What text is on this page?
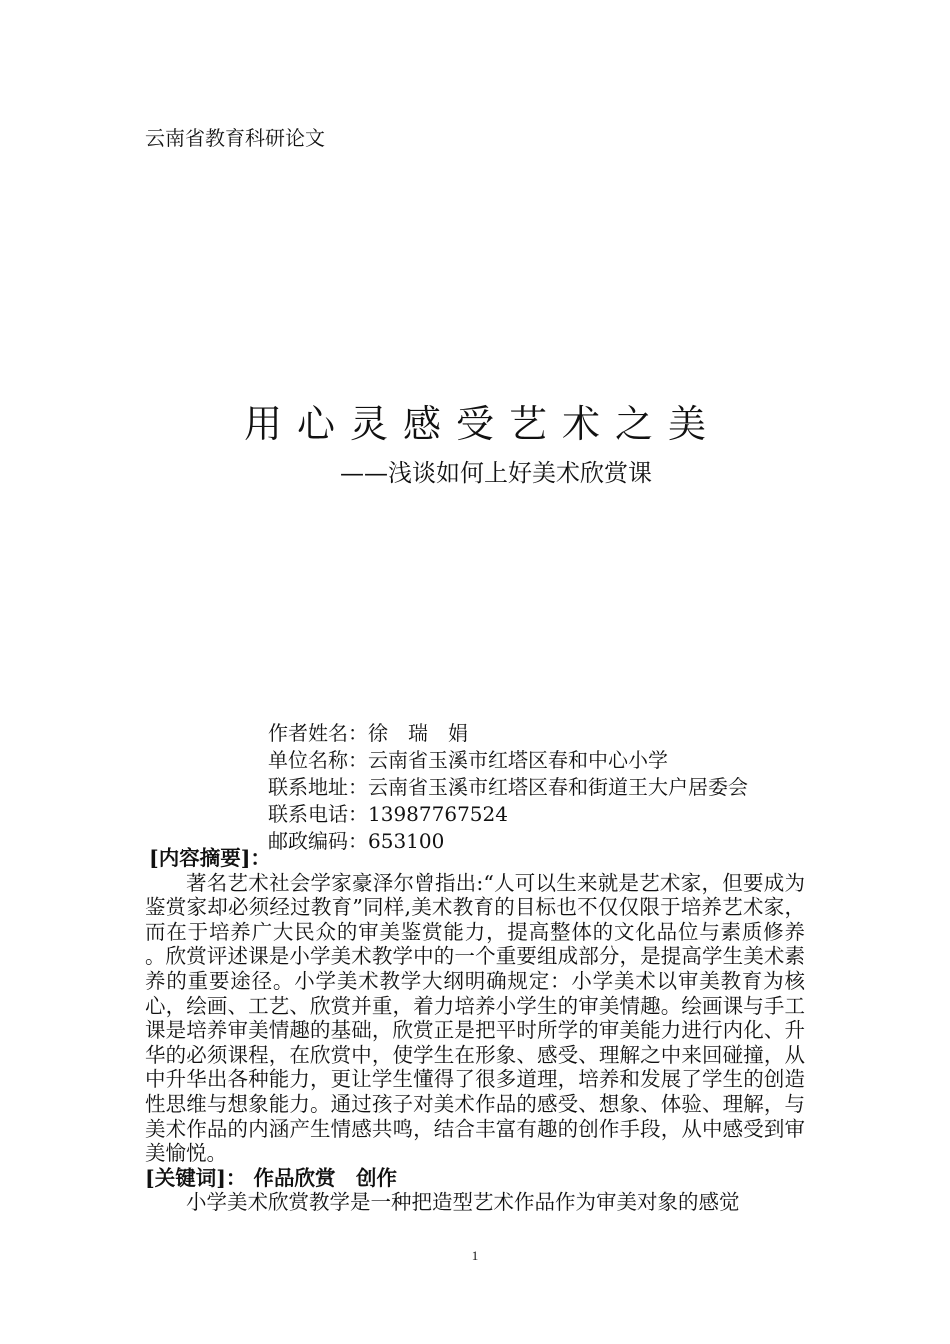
云南省教育科研论文
用心灵感受艺术之美
——浅谈如何上好美术欣赏课
作者姓名：徐　瑞　娟
单位名称：云南省玉溪市红塔区春和中心小学
联系地址：云南省玉溪市红塔区春和街道王大户居委会
联系电话：13987767524
邮政编码：653100
[内容摘要]：

著名艺术社会学家豪泽尔曾指出:“人可以生来就是艺术家，但要成为鉴赏家却必须经过教育”同样,美术教育的目标也不仅仅限于培养艺术家，而在于培养广大民众的审美鉴赏能力，提高整体的文化品位与素质修养 。欣赏评述课是小学美术教学中的一个重要组成部分，是提高学生美术素养的重要途径。小学美术教学大纲明确规定：小学美术以审美教育为核心，绘画、工艺、欣赏并重，着力培养小学生的审美情趣。绘画课与手工课是培养审美情趣的基础，欣赏正是把平时所学的审美能力进行内化、升华的必须课程，在欣赏中，使学生在形象、感受、理解之中来回碰撞，从中升华出各种能力，更让学生懂得了很多道理，培养和发展了学生的创造性思维与想象能力。通过孩子对美术作品的感受、想象、体验、理解，与美术作品的内涵产生情感共鸣，结合丰富有趣的创作手段，从中感受到审美愉悦。

[关键词]： 作品欣赏　创作

小学美术欣赏教学是一种把造型艺术作品作为审美对象的感觉

1
